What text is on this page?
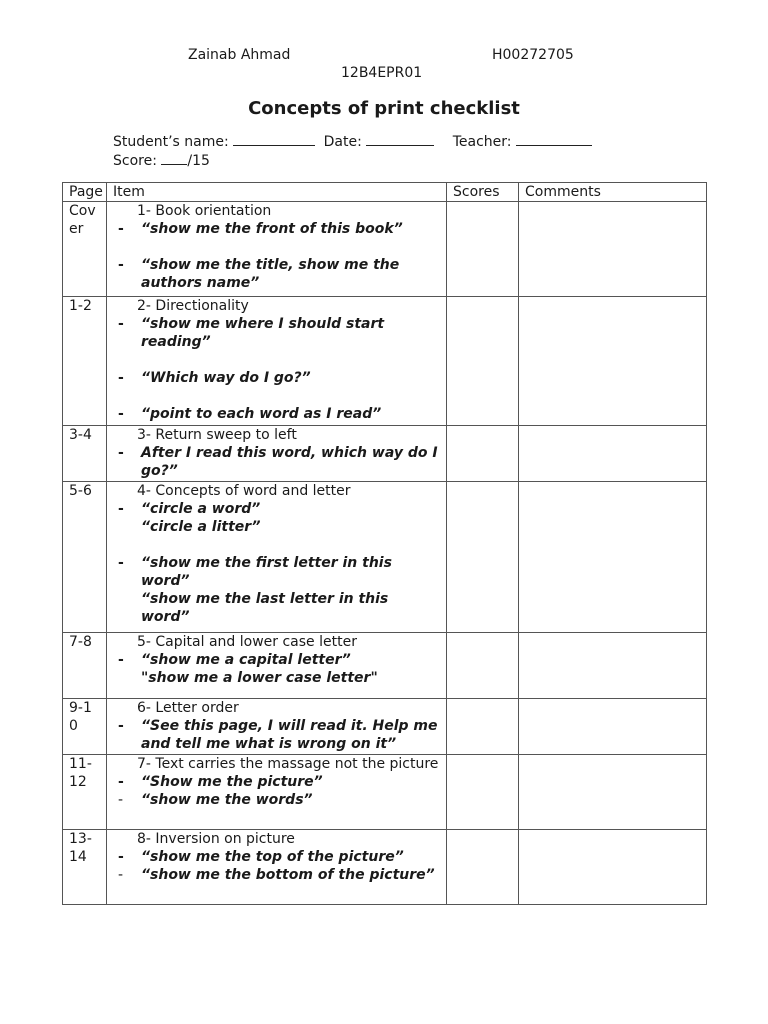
Zainab Ahmad	H00272705
12B4EPR01
Concepts of print checklist
Student’s name:	Date:	Teacher:
Score: /15
Page	Item	Scores	Comments
Cover	1- Book orientation
- “show me the front of this book”
- “show me the title, show me the authors name”

1-2	2- Directionality
- “show me where I should start reading”
- “Which way do I go?”
- “point to each word as I read”

3-4	3- Return sweep to left
- After I read this word, which way do I go?”

5-6	4- Concepts of word and letter
- “circle a word”
“circle a litter”
- “show me the first letter in this word”
“show me the last letter in this word”

7-8	5- Capital and lower case letter
- “show me a capital letter”
"show me a lower case letter"

9-10	6- Letter order
- “See this page, I will read it. Help me and tell me what is wrong on it”

11-12	7- Text carries the massage not the picture
- “Show me the picture”
- “show me the words”

13-14	8- Inversion on picture
- “show me the top of the picture”
- “show me the bottom of the picture”
